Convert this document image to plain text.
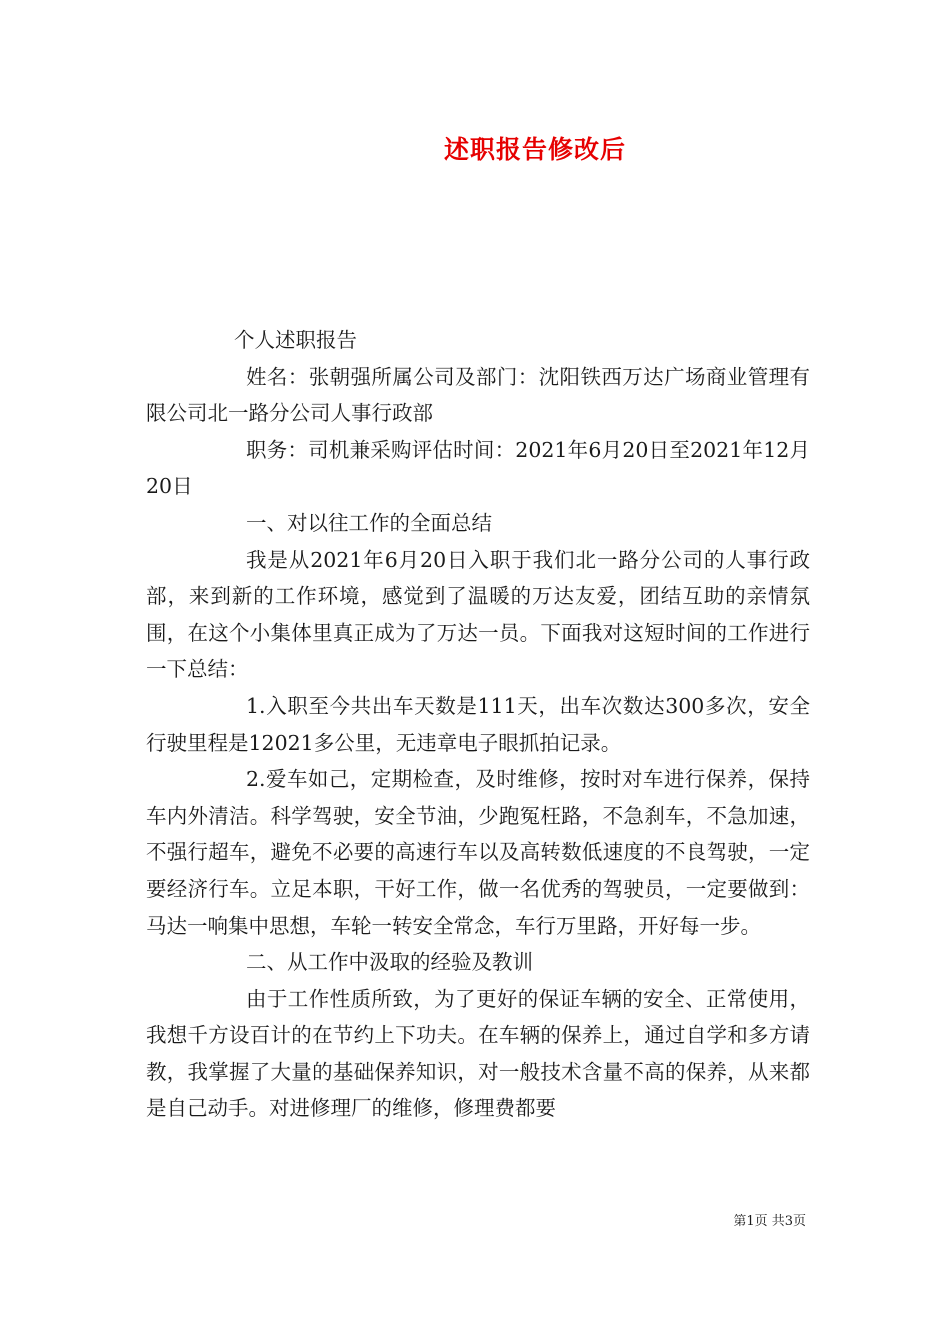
述职报告修改后

个人述职报告

姓名：张朝强所属公司及部门：沈阳铁西万达广场商业管理有限公司北一路分公司人事行政部

职务：司机兼采购评估时间：2021年6月20日至2021年12月20日

一、对以往工作的全面总结

我是从2021年6月20日入职于我们北一路分公司的人事行政部，来到新的工作环境，感觉到了温暖的万达友爱，团结互助的亲情氛围，在这个小集体里真正成为了万达一员。下面我对这短时间的工作进行一下总结：

1.入职至今共出车天数是111天，出车次数达300多次，安全行驶里程是12021多公里，无违章电子眼抓拍记录。

2.爱车如己，定期检查，及时维修，按时对车进行保养，保持车内外清洁。科学驾驶，安全节油，少跑冤枉路，不急刹车，不急加速，不强行超车，避免不必要的高速行车以及高转数低速度的不良驾驶，一定要经济行车。立足本职，干好工作，做一名优秀的驾驶员，一定要做到：马达一响集中思想，车轮一转安全常念，车行万里路，开好每一步。

二、从工作中汲取的经验及教训

由于工作性质所致，为了更好的保证车辆的安全、正常使用，我想千方设百计的在节约上下功夫。在车辆的保养上，通过自学和多方请教，我掌握了大量的基础保养知识，对一般技术含量不高的保养，从来都是自己动手。对进修理厂的维修，修理费都要

第1页 共3页
